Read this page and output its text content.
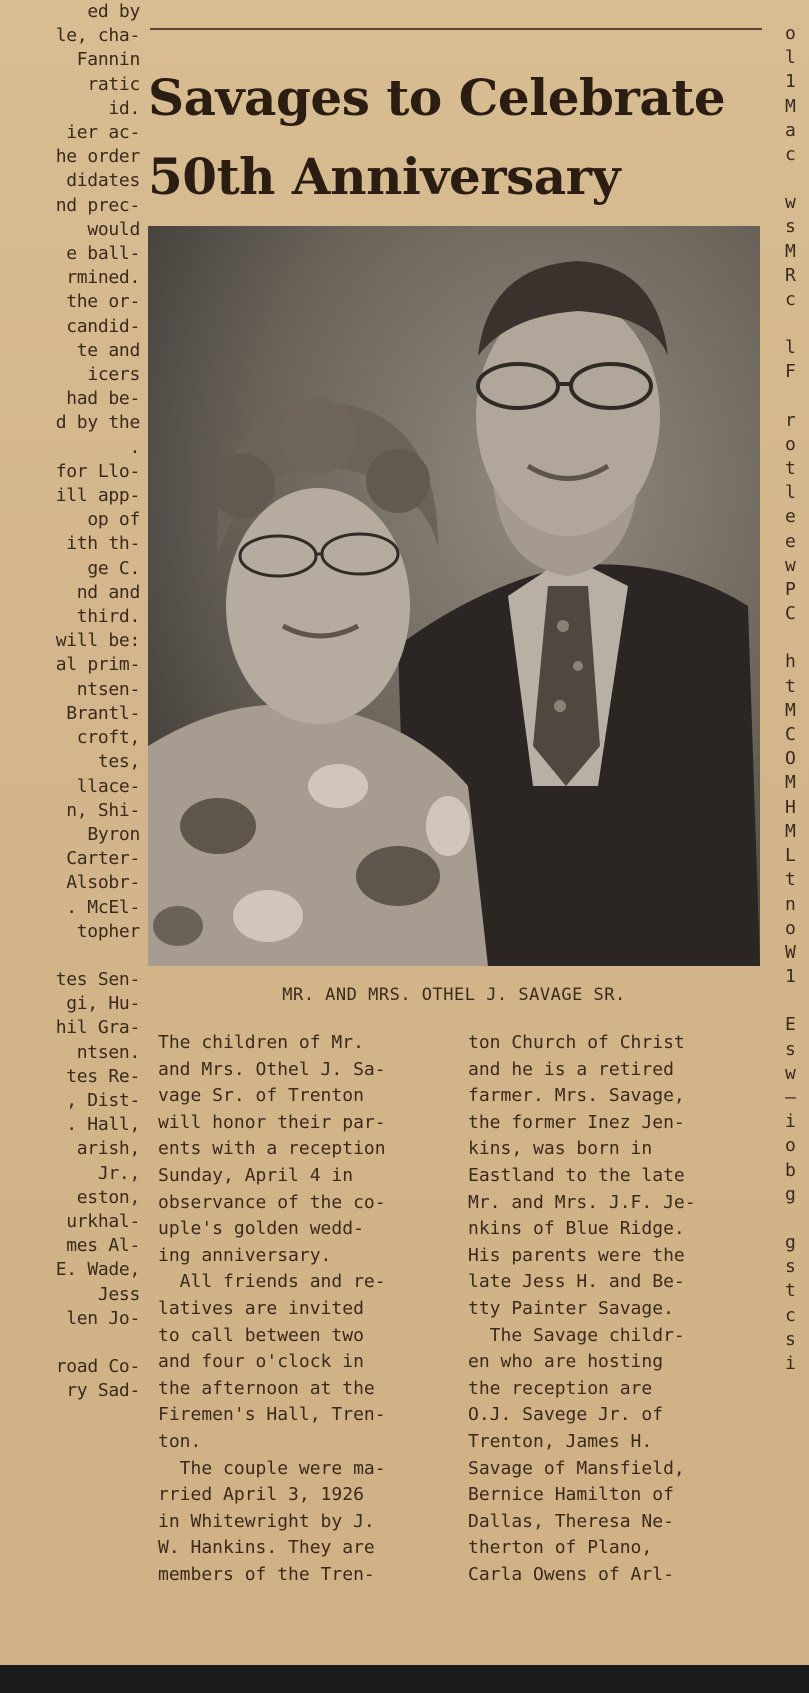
ed by
le, cha-
Fannin
ratic
id.
ier ac-
he order
didates
nd prec-
would
e ball-
rmined.
the or-
candid-
te and
icers
had be-
d by the
.
for Llo-
ill app-
op of
ith th-
ge C.
nd and
third.
will be:
al prim-
ntsen-
Brantl-
croft,
tes,
llace-
n, Shi-
Byron
Carter-
Alsobr-
. McEl-
topher
tes Sen-
gi, Hu-
hil Gra-
ntsen.
tes Re-
, Dist-
. Hall,
arish,
Jr.,
eston,
urkhal-
mes Al-
E. Wade,
Jess
len Jo-
road Co-
ry Sad-
Savages to Celebrate
50th Anniversary
MR. AND MRS. OTHEL J. SAVAGE SR.
The children of Mr.
and Mrs. Othel J. Sa-
vage Sr. of Trenton
will honor their par-
ents with a reception
Sunday, April 4 in
observance of the co-
uple's golden wedd-
ing anniversary.
All friends and re-
latives are invited
to call between two
and four o'clock in
the afternoon at the
Firemen's Hall, Tren-
ton.
The couple were ma-
rried April 3, 1926
in Whitewright by J.
W. Hankins. They are
members of the Tren-
ton Church of Christ
and he is a retired
farmer. Mrs. Savage,
the former Inez Jen-
kins, was born in
Eastland to the late
Mr. and Mrs. J.F. Je-
nkins of Blue Ridge.
His parents were the
late Jess H. and Be-
tty Painter Savage.
The Savage childr-
en who are hosting
the reception are
O.J. Savege Jr. of
Trenton, James H.
Savage of Mansfield,
Bernice Hamilton of
Dallas, Theresa Ne-
therton of Plano,
Carla Owens of Arl-
o
l
1
M
a
c
w
s
M
R
c
l
F
r
o
t
l
e
e
w
P
C
h
t
M
C
O
M
H
M
L
t
n
o
W
1
E
s
w
—
i
o
b
g
g
s
t
c
s
i
